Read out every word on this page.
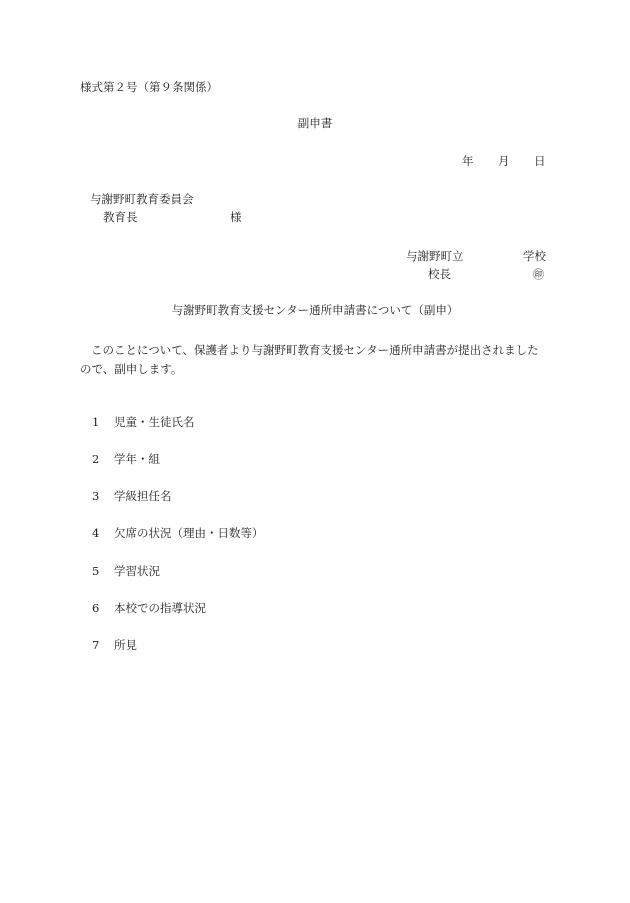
様式第２号（第９条関係）
副申書
年 月 日
与謝野町教育委員会
教育長	様
与謝野町立	学校
校長	㊞
与謝野町教育支援センター通所申請書について（副申）
このことについて、保護者より与謝野町教育支援センター通所申請書が提出されましたので、副申します。
1 児童・生徒氏名
2 学年・組
3 学級担任名
4 欠席の状況（理由・日数等）
5 学習状況
6 本校での指導状況
7 所見
